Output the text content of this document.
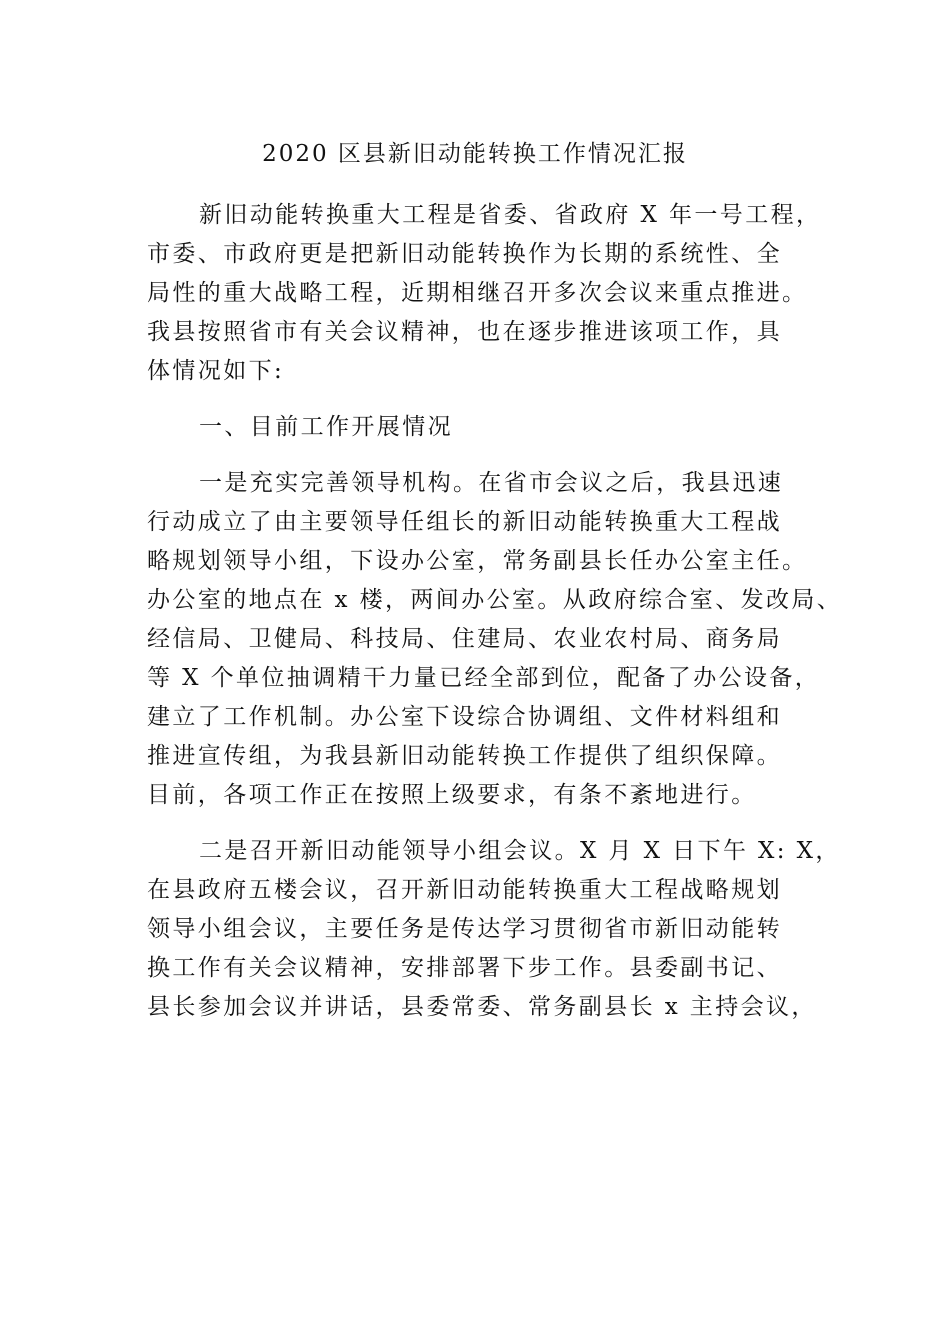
2020 区县新旧动能转换工作情况汇报
新旧动能转换重大工程是省委、省政府 X 年一号工程，
市委、市政府更是把新旧动能转换作为长期的系统性、全
局性的重大战略工程，近期相继召开多次会议来重点推进。
我县按照省市有关会议精神，也在逐步推进该项工作，具
体情况如下:
一、目前工作开展情况
一是充实完善领导机构。在省市会议之后，我县迅速
行动成立了由主要领导任组长的新旧动能转换重大工程战
略规划领导小组，下设办公室，常务副县长任办公室主任。
办公室的地点在 x 楼，两间办公室。从政府综合室、发改局、
经信局、卫健局、科技局、住建局、农业农村局、商务局
等 X 个单位抽调精干力量已经全部到位，配备了办公设备，
建立了工作机制。办公室下设综合协调组、文件材料组和
推进宣传组，为我县新旧动能转换工作提供了组织保障。
目前，各项工作正在按照上级要求，有条不紊地进行。
二是召开新旧动能领导小组会议。X 月 X 日下午 X: X，
在县政府五楼会议，召开新旧动能转换重大工程战略规划
领导小组会议，主要任务是传达学习贯彻省市新旧动能转
换工作有关会议精神，安排部署下步工作。县委副书记、
县长参加会议并讲话，县委常委、常务副县长 x 主持会议，
